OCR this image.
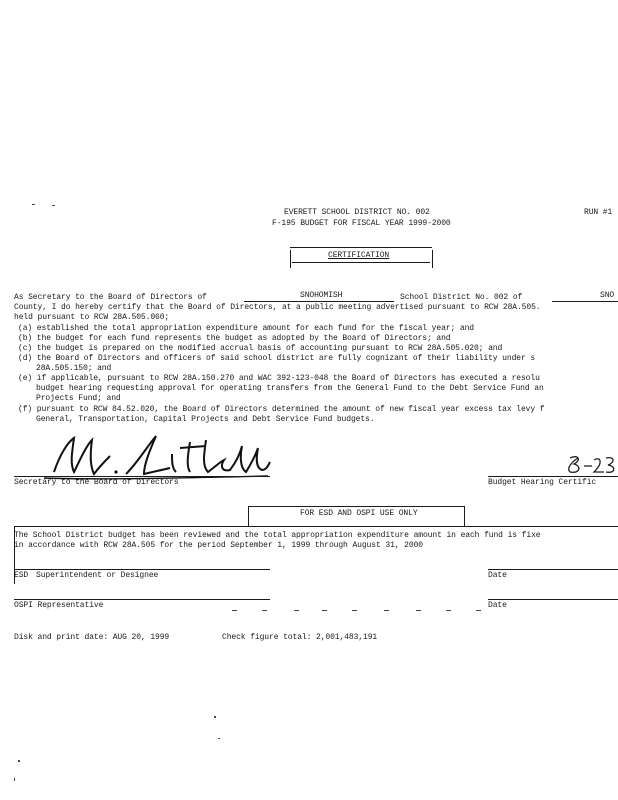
EVERETT SCHOOL DISTRICT NO. 002
F-195 BUDGET FOR FISCAL YEAR 1999-2000
RUN #1
CERTIFICATION
As Secretary to the Board of Directors of	SNOHOMISH	School District No. 002 of	SNO
County, I do hereby certify that the Board of Directors, at a public meeting advertised pursuant to RCW 28A.505.
held pursuant to RCW 28A.505.060;
(a) established the total appropriation expenditure amount for each fund for the fiscal year; and
(b) the budget for each fund represents the budget as adopted by the Board of Directors; and
(c) the budget is prepared on the modified accrual basis of accounting pursuant to RCW 28A.505.020; and
(d) the Board of Directors and officers of said school district are fully cognizant of their liability under s
28A.505.150; and
(e) if applicable, pursuant to RCW 28A.150.270 and WAC 392-123-048 the Board of Directors has executed a resolu
budget hearing requesting approval for operating transfers from the General Fund to the Debt Service Fund an
Projects Fund; and
(f) pursuant to RCW 84.52.020, the Board of Directors determined the amount of new fiscal year excess tax levy f
General, Transportation, Capital Projects and Debt Service Fund budgets.
Secretary to the Board of Directors	Budget Hearing Certific
FOR ESD AND OSPI USE ONLY
The School District budget has been reviewed and the total appropriation expenditure amount in each fund is fixe
in accordance with RCW 28A.505 for the period September 1, 1999 through August 31, 2000
ESD Superintendent or Designee	Date
OSPI Representative	Date
Disk and print date: AUG 20, 1999	Check figure total: 2,001,483,191
